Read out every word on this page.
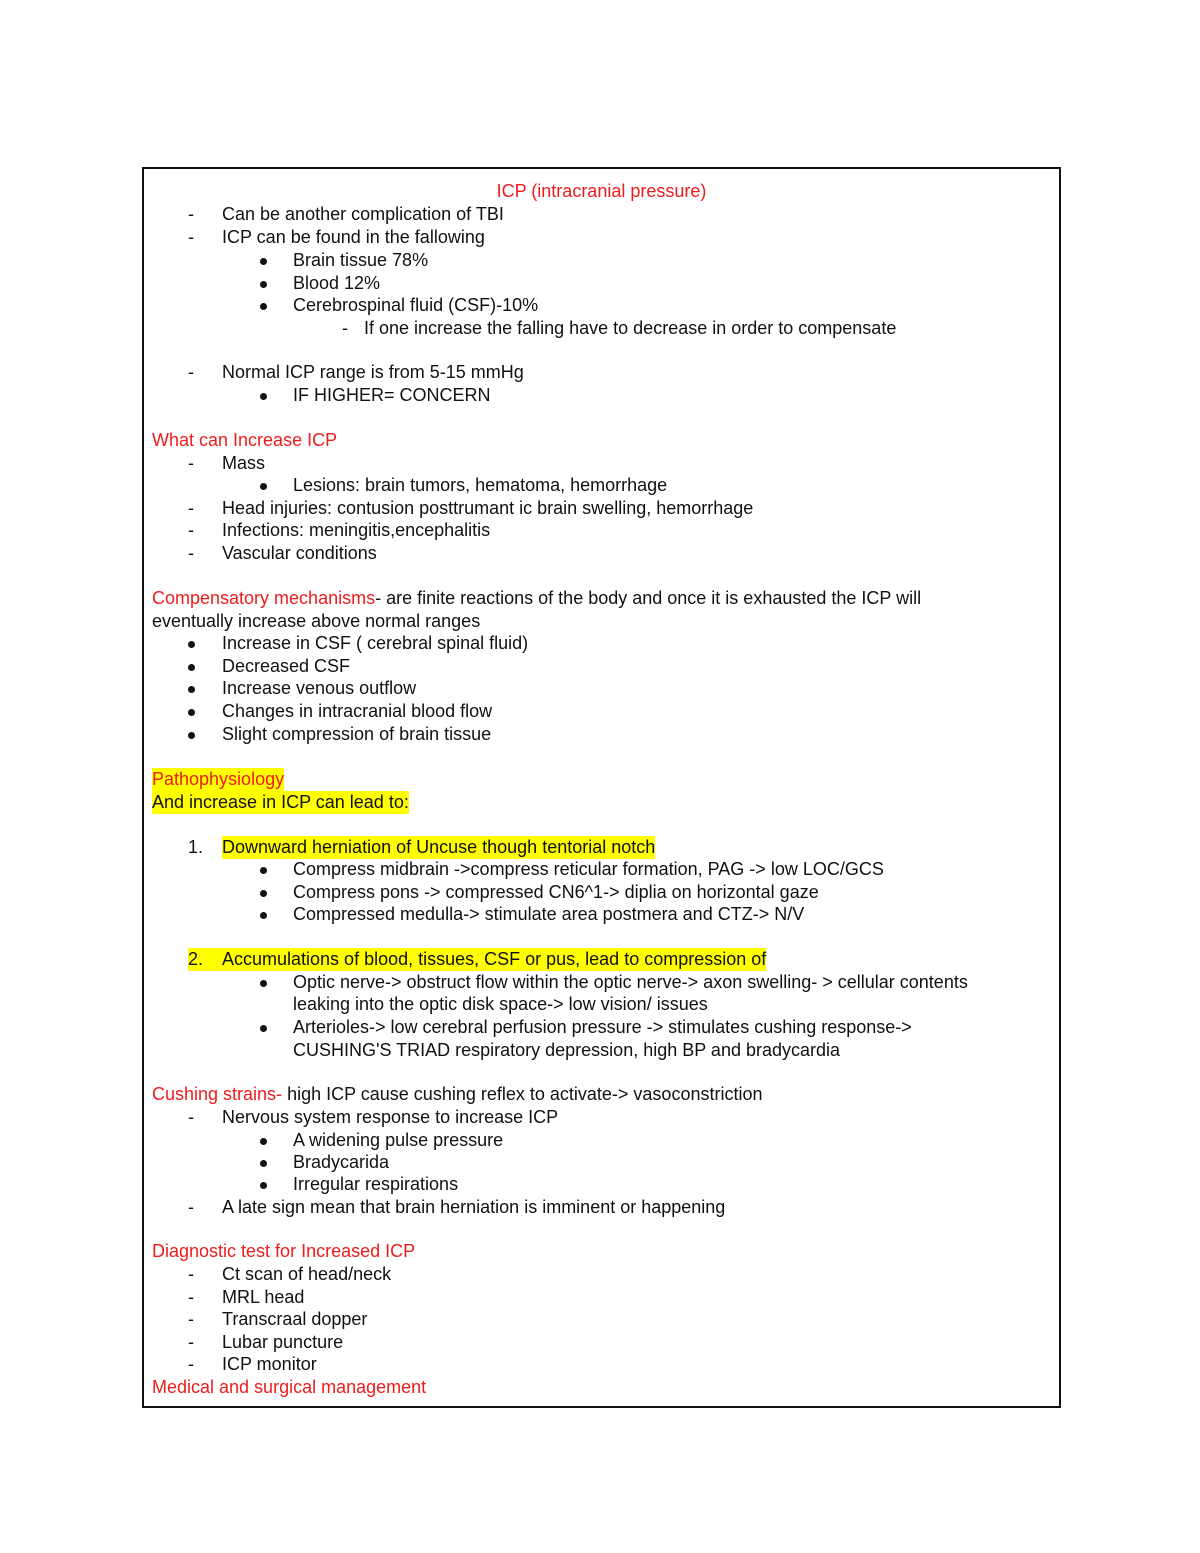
ICP (intracranial pressure)
- Can be another complication of TBI
- ICP can be found in the fallowing
Brain tissue 78%
Blood 12%
Cerebrospinal fluid (CSF)-10%
- If one increase the falling have to decrease in order to compensate
- Normal ICP range is from 5-15 mmHg
IF HIGHER= CONCERN
What can Increase ICP
- Mass
Lesions: brain tumors, hematoma, hemorrhage
- Head injuries: contusion posttrumant ic brain swelling, hemorrhage
- Infections: meningitis,encephalitis
- Vascular conditions
Compensatory mechanisms- are finite reactions of the body and once it is exhausted the ICP will
eventually increase above normal ranges
Increase in CSF ( cerebral spinal fluid)
Decreased CSF
Increase venous outflow
Changes in intracranial blood flow
Slight compression of brain tissue
Pathophysiology
And increase in ICP can lead to:
1. Downward herniation of Uncuse though tentorial notch
Compress midbrain ->compress reticular formation, PAG -> low LOC/GCS
Compress pons -> compressed CN6^1-> diplia on horizontal gaze
Compressed medulla-> stimulate area postmera and CTZ-> N/V
2.	Accumulations of blood, tissues, CSF or pus, lead to compression of
Optic nerve-> obstruct flow within the optic nerve-> axon swelling- > cellular contents
leaking into the optic disk space-> low vision/ issues
Arterioles-> low cerebral perfusion pressure -> stimulates cushing response->
CUSHING'S TRIAD respiratory depression, high BP and bradycardia
Cushing strains- high ICP cause cushing reflex to activate-> vasoconstriction
- Nervous system response to increase ICP
A widening pulse pressure
Bradycarida
Irregular respirations
- A late sign mean that brain herniation is imminent or happening
Diagnostic test for Increased ICP
- Ct scan of head/neck
- MRL head
- Transcraal dopper
- Lubar puncture
- ICP monitor
Medical and surgical management
